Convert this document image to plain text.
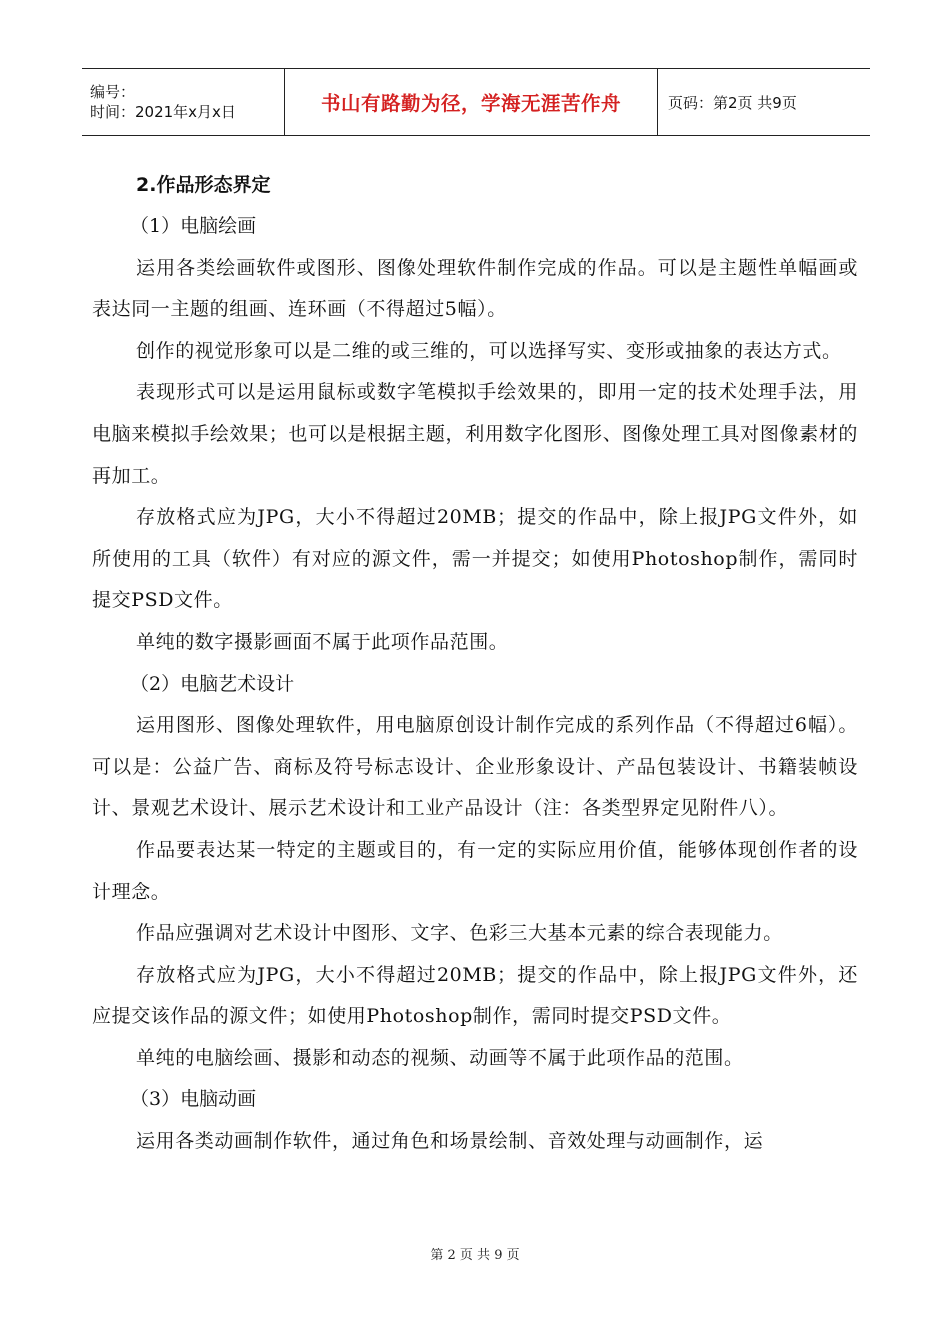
编号：
时间：2021年x月x日	书山有路勤为径，学海无涯苦作舟	页码：第2页 共9页
2.作品形态界定

（1）电脑绘画

运用各类绘画软件或图形、图像处理软件制作完成的作品。可以是主题性单幅画或表达同一主题的组画、连环画（不得超过5幅）。

创作的视觉形象可以是二维的或三维的，可以选择写实、变形或抽象的表达方式。

表现形式可以是运用鼠标或数字笔模拟手绘效果的，即用一定的技术处理手法，用电脑来模拟手绘效果；也可以是根据主题，利用数字化图形、图像处理工具对图像素材的再加工。

存放格式应为JPG，大小不得超过20MB；提交的作品中，除上报JPG文件外，如所使用的工具（软件）有对应的源文件，需一并提交；如使用Photoshop制作，需同时提交PSD文件。

单纯的数字摄影画面不属于此项作品范围。

（2）电脑艺术设计

运用图形、图像处理软件，用电脑原创设计制作完成的系列作品（不得超过6幅）。可以是：公益广告、商标及符号标志设计、企业形象设计、产品包装设计、书籍装帧设计、景观艺术设计、展示艺术设计和工业产品设计（注：各类型界定见附件八）。

作品要表达某一特定的主题或目的，有一定的实际应用价值，能够体现创作者的设计理念。

作品应强调对艺术设计中图形、文字、色彩三大基本元素的综合表现能力。

存放格式应为JPG，大小不得超过20MB；提交的作品中，除上报JPG文件外，还应提交该作品的源文件；如使用Photoshop制作，需同时提交PSD文件。

单纯的电脑绘画、摄影和动态的视频、动画等不属于此项作品的范围。

（3）电脑动画

运用各类动画制作软件，通过角色和场景绘制、音效处理与动画制作，运

第 2 页 共 9 页
